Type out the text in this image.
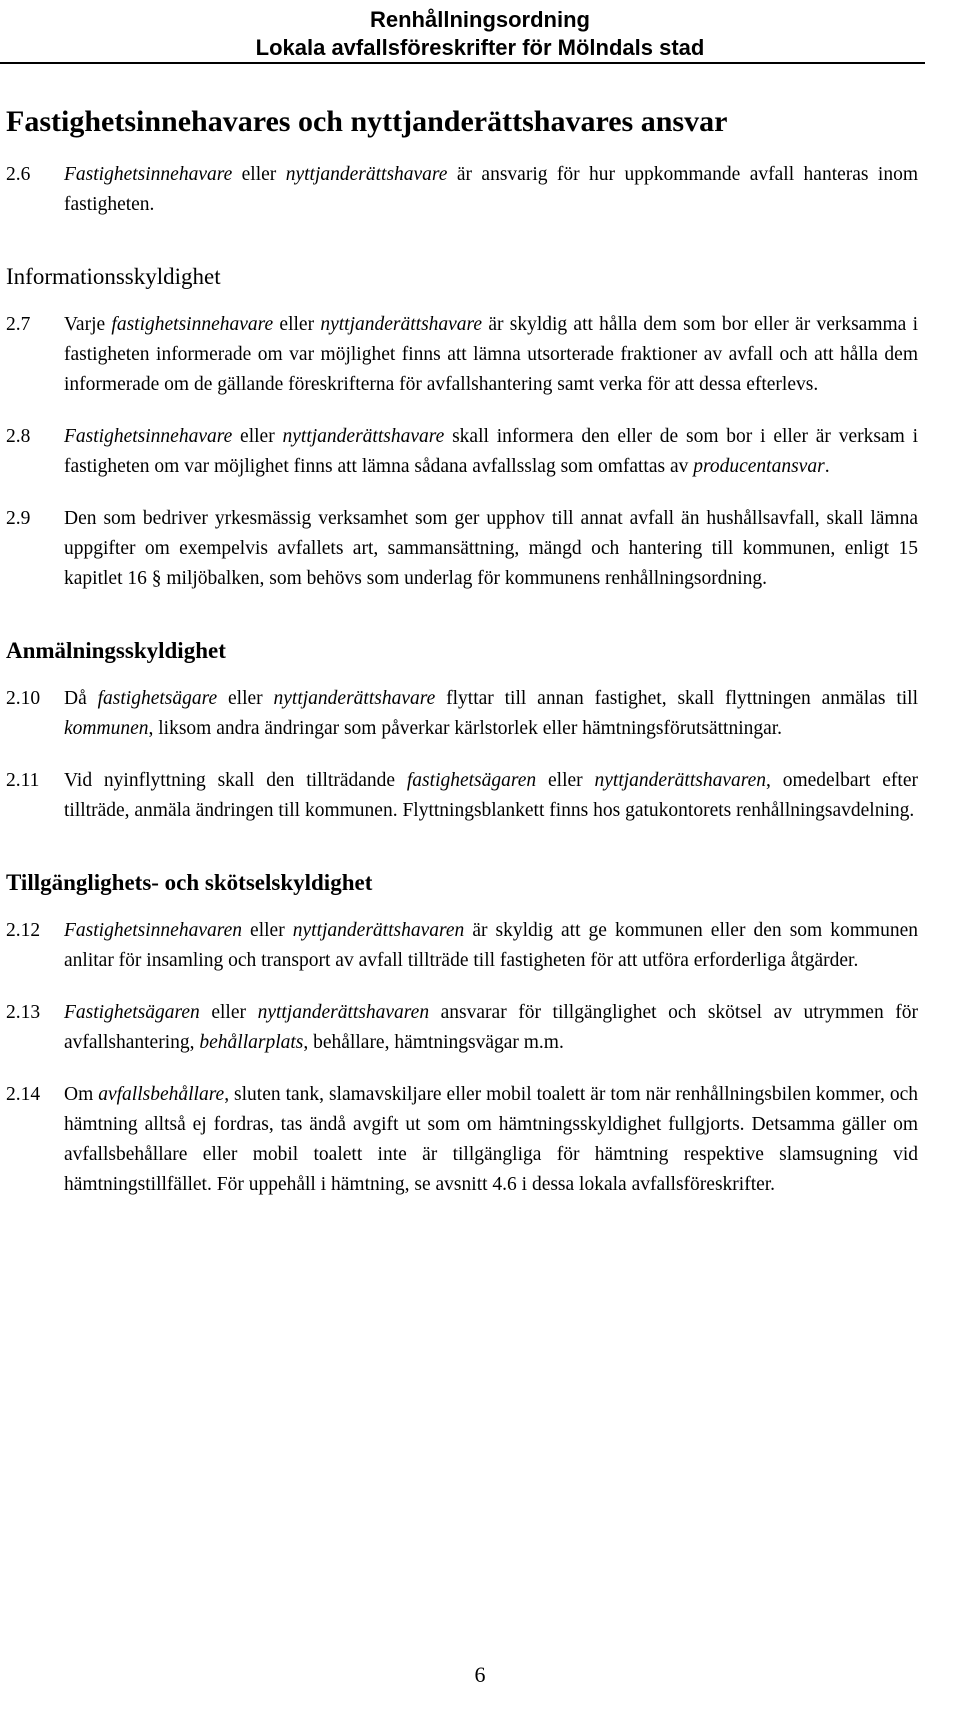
Renhållningsordning
Lokala avfallsföreskrifter för Mölndals stad
Fastighetsinnehavares och nyttjanderättshavares ansvar
2.6 Fastighetsinnehavare eller nyttjanderättshavare är ansvarig för hur uppkommande avfall hanteras inom fastigheten.
Informationsskyldighet
2.7 Varje fastighetsinnehavare eller nyttjanderättshavare är skyldig att hålla dem som bor eller är verksamma i fastigheten informerade om var möjlighet finns att lämna utsorterade fraktioner av avfall och att hålla dem informerade om de gällande föreskrifterna för avfallshantering samt verka för att dessa efterlevs.
2.8 Fastighetsinnehavare eller nyttjanderättshavare skall informera den eller de som bor i eller är verksam i fastigheten om var möjlighet finns att lämna sådana avfallsslag som omfattas av producentansvar.
2.9 Den som bedriver yrkesmässig verksamhet som ger upphov till annat avfall än hushållsavfall, skall lämna uppgifter om exempelvis avfallets art, sammansättning, mängd och hantering till kommunen, enligt 15 kapitlet 16 § miljöbalken, som behövs som underlag för kommunens renhållningsordning.
Anmälningsskyldighet
2.10 Då fastighetsägare eller nyttjanderättshavare flyttar till annan fastighet, skall flyttningen anmälas till kommunen, liksom andra ändringar som påverkar kärlstorlek eller hämtningsförutsättningar.
2.11 Vid nyinflyttning skall den tillträdande fastighetsägaren eller nyttjanderättshavaren, omedelbart efter tillträde, anmäla ändringen till kommunen. Flyttningsblankett finns hos gatukontorets renhållningsavdelning.
Tillgänglighets- och skötselskyldighet
2.12 Fastighetsinnehavaren eller nyttjanderättshavaren är skyldig att ge kommunen eller den som kommunen anlitar för insamling och transport av avfall tillträde till fastigheten för att utföra erforderliga åtgärder.
2.13 Fastighetsägaren eller nyttjanderättshavaren ansvarar för tillgänglighet och skötsel av utrymmen för avfallshantering, behållarplats, behållare, hämtningsvägar m.m.
2.14 Om avfallsbehållare, sluten tank, slamavskiljare eller mobil toalett är tom när renhållningsbilen kommer, och hämtning alltså ej fordras, tas ändå avgift ut som om hämtningsskyldighet fullgjorts. Detsamma gäller om avfallsbehållare eller mobil toalett inte är tillgängliga för hämtning respektive slamsugning vid hämtningstillfället. För uppehåll i hämtning, se avsnitt 4.6 i dessa lokala avfallsföreskrifter.
6
